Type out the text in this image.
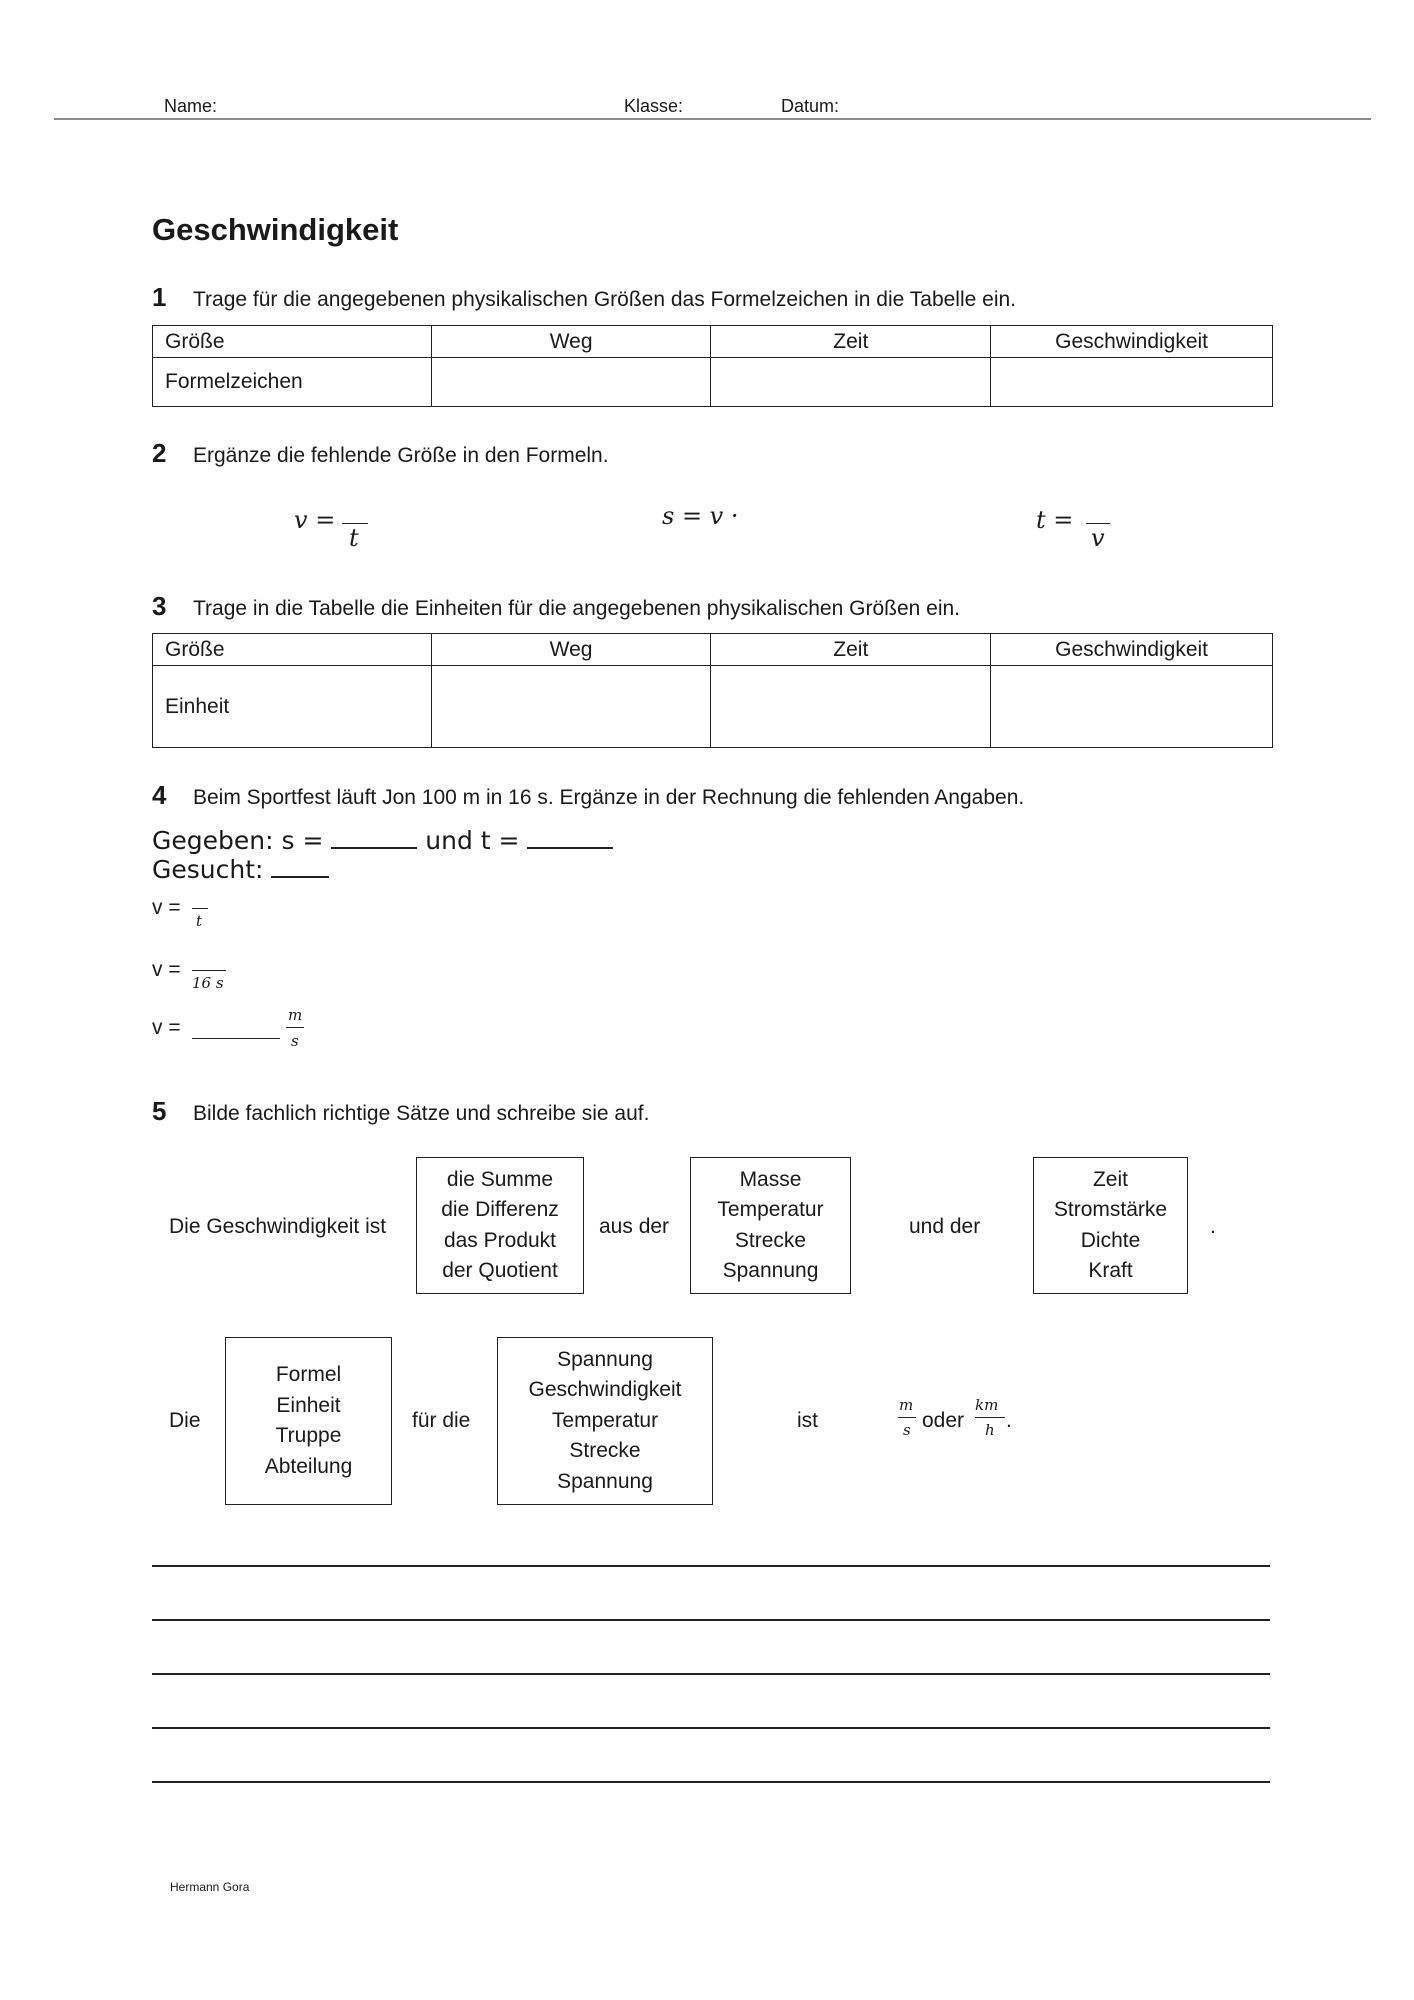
Name:	Klasse:	Datum:
Geschwindigkeit
1 Trage für die angegebenen physikalischen Größen das Formelzeichen in die Tabelle ein.
Größe	Weg	Zeit	Geschwindigkeit
Formelzeichen			
2 Ergänze die fehlende Größe in den Formeln.
v =
t
s = v ·	t =
v
3 Trage in die Tabelle die Einheiten für die angegebenen physikalischen Größen ein.
Größe	Weg	Zeit	Geschwindigkeit
Einheit			
4 Beim Sportfest läuft Jon 100 m in 16 s. Ergänze in der Rechnung die fehlenden Angaben.
Gegeben: s =	und t =
Gesucht:
v =
t
v =
16 s
v =
m
s
5 Bilde fachlich richtige Sätze und schreibe sie auf.
Die Geschwindigkeit ist
die Summe
die Differenz
das Produkt
der Quotient
aus der
Masse
Temperatur
Strecke
Spannung
und der
Zeit
Stromstärke
Dichte
Kraft
.
Die
Formel
Einheit
Truppe
Abteilung
für die
Spannung
Geschwindigkeit
Temperatur
Strecke
Spannung
ist
m
s oder
km
h .
Hermann Gora
